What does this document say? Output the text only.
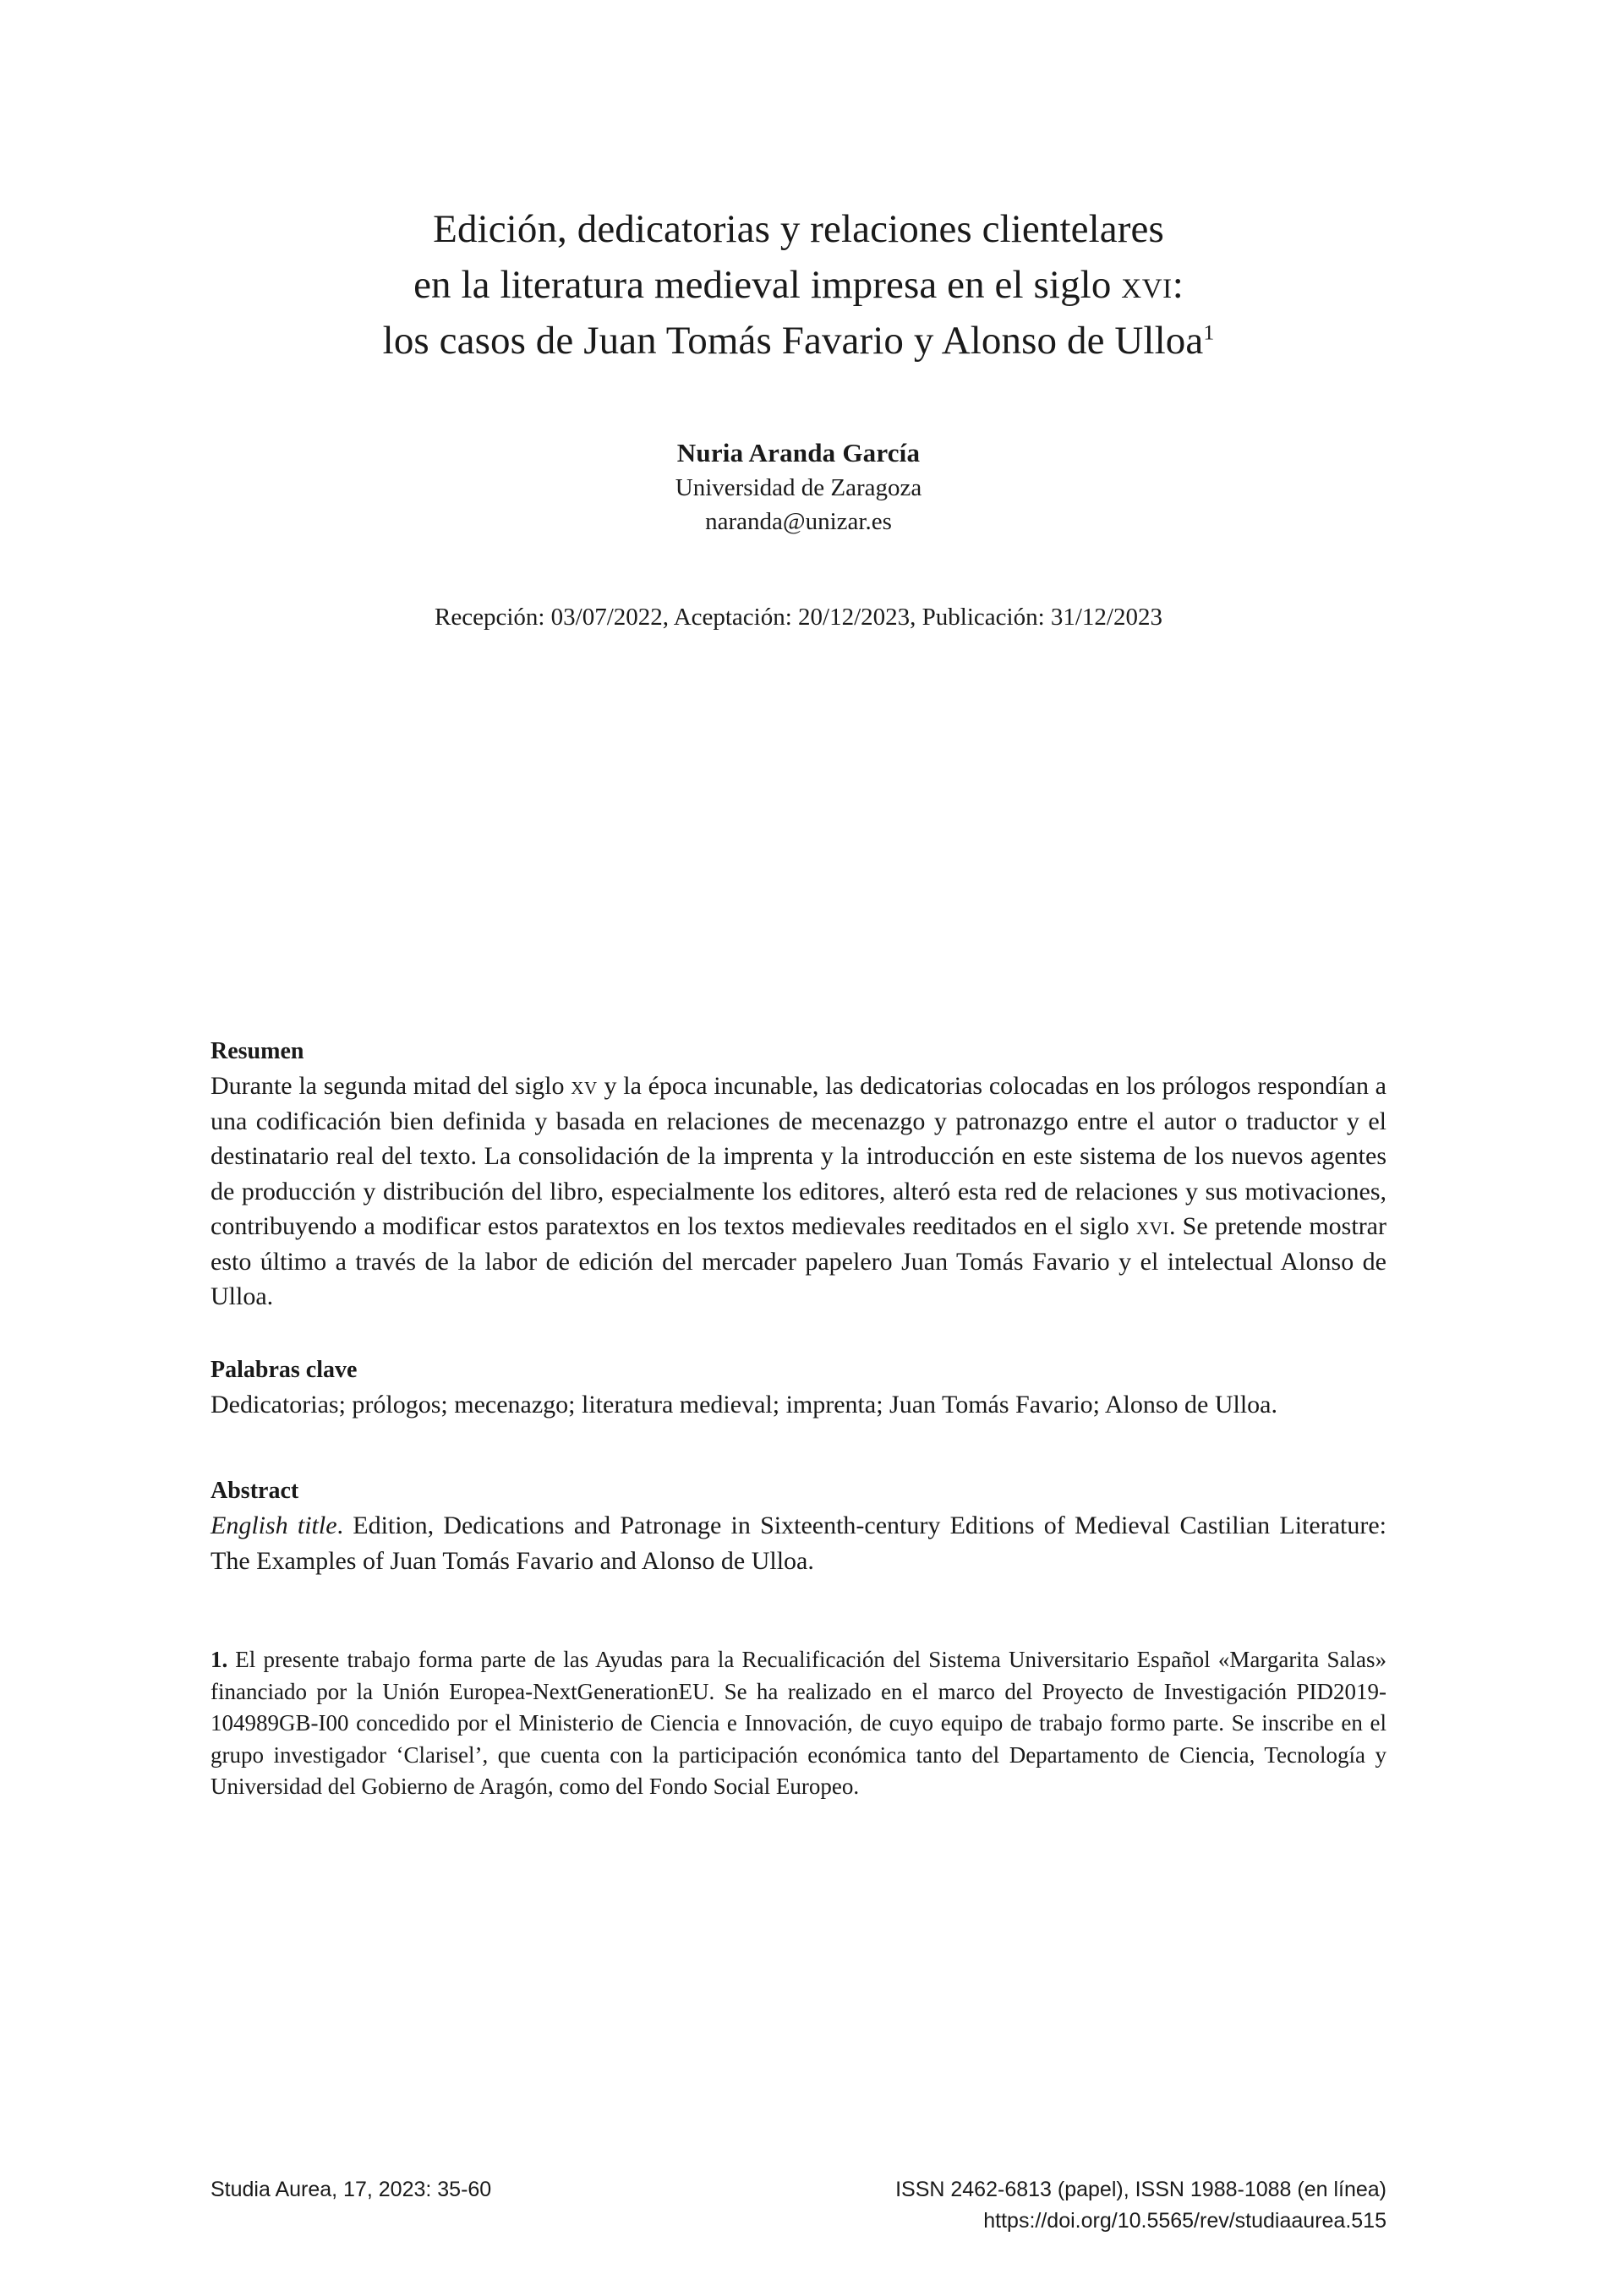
Edición, dedicatorias y relaciones clientelares
en la literatura medieval impresa en el siglo xvi:
los casos de Juan Tomás Favario y Alonso de Ulloa$^1$
Nuria Aranda García
Universidad de Zaragoza
naranda@unizar.es
Recepción: 03/07/2022, Aceptación: 20/12/2023, Publicación: 31/12/2023
Resumen
Durante la segunda mitad del siglo xv y la época incunable, las dedicatorias colocadas en los prólogos respondían a una codificación bien definida y basada en relaciones de mecenazgo y patronazgo entre el autor o traductor y el destinatario real del texto. La consolidación de la imprenta y la introducción en este sistema de los nuevos agentes de producción y distribución del libro, especialmente los editores, alteró esta red de relaciones y sus motivaciones, contribuyendo a modificar estos paratextos en los textos medievales reeditados en el siglo xvi. Se pretende mostrar esto último a través de la labor de edición del mercader papelero Juan Tomás Favario y el intelectual Alonso de Ulloa.
Palabras clave
Dedicatorias; prólogos; mecenazgo; literatura medieval; imprenta; Juan Tomás Favario; Alonso de Ulloa.
Abstract
English title. Edition, Dedications and Patronage in Sixteenth-century Editions of Medieval Castilian Literature: The Examples of Juan Tomás Favario and Alonso de Ulloa.
1. El presente trabajo forma parte de las Ayudas para la Recualificación del Sistema Universitario Español «Margarita Salas» financiado por la Unión Europea-NextGenerationEU. Se ha realizado en el marco del Proyecto de Investigación PID2019-104989GB-I00 concedido por el Ministerio de Ciencia e Innovación, de cuyo equipo de trabajo formo parte. Se inscribe en el grupo investigador ‘Clarisel’, que cuenta con la participación económica tanto del Departamento de Ciencia, Tecnología y Universidad del Gobierno de Aragón, como del Fondo Social Europeo.
Studia Aurea, 17, 2023: 35-60	ISSN 2462-6813 (papel), ISSN 1988-1088 (en línea)
https://doi.org/10.5565/rev/studiaaurea.515
